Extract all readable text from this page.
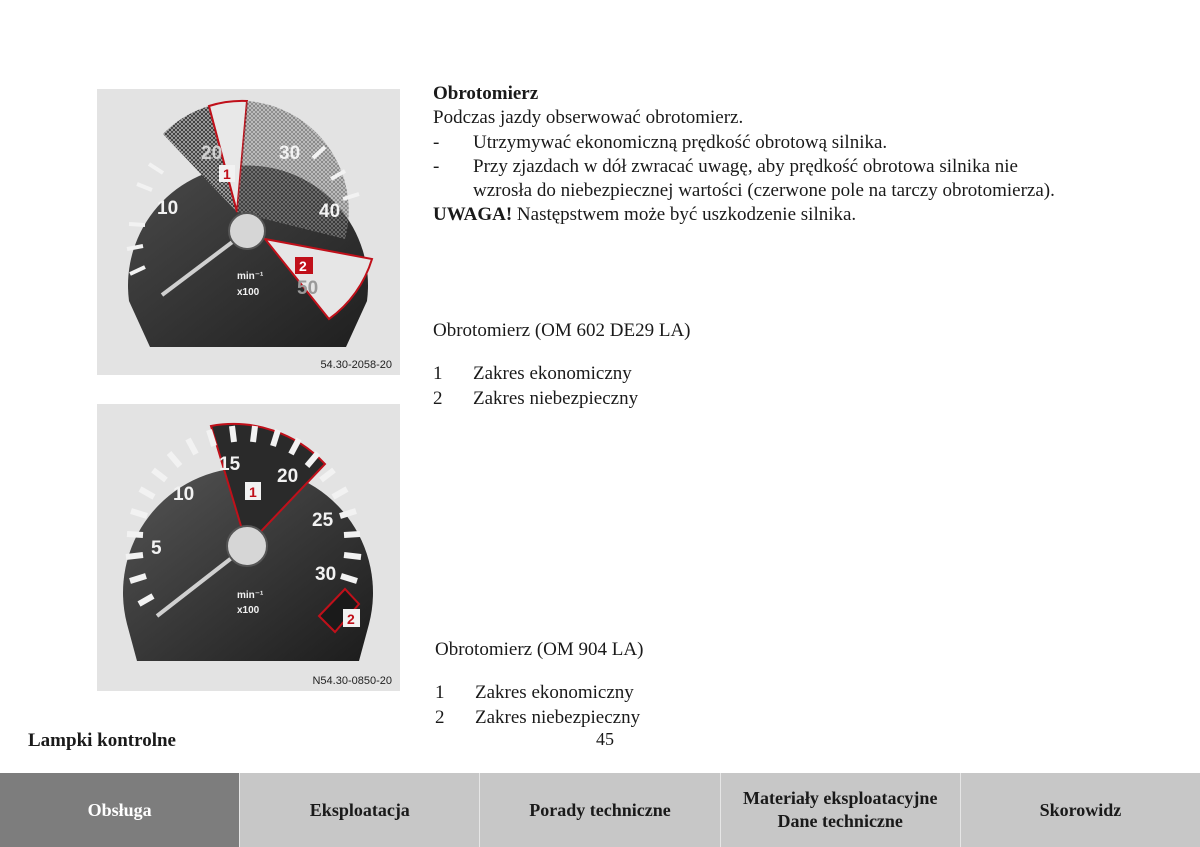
10
20	30
40
50
min⁻¹
x100
1
2
54.30-2058-20

Obrotomierz

Podczas jazdy obserwować obrotomierz.

-	Utrzymywać ekonomiczną prędkość obrotową silnika.
-	Przy zjazdach w dół zwracać uwagę, aby prędkość obrotowa silnika nie wzrosła do niebezpiecznej wartości (czerwone pole na tarczy obrotomierza).

UWAGA! Następstwem może być uszkodzenie silnika.

Obrotomierz (OM 602 DE29 LA)

1	Zakres ekonomiczny
2	Zakres niebezpieczny
5
10
15
20
25
30
min⁻¹
x100
1
2
N54.30-0850-20

Obrotomierz (OM 904 LA)

1	Zakres ekonomiczny
2	Zakres niebezpieczny
Lampki kontrolne	45
Obsługa	Eksploatacja	Porady techniczne
Materiały eksploatacyjne
Dane techniczne
Skorowidz
